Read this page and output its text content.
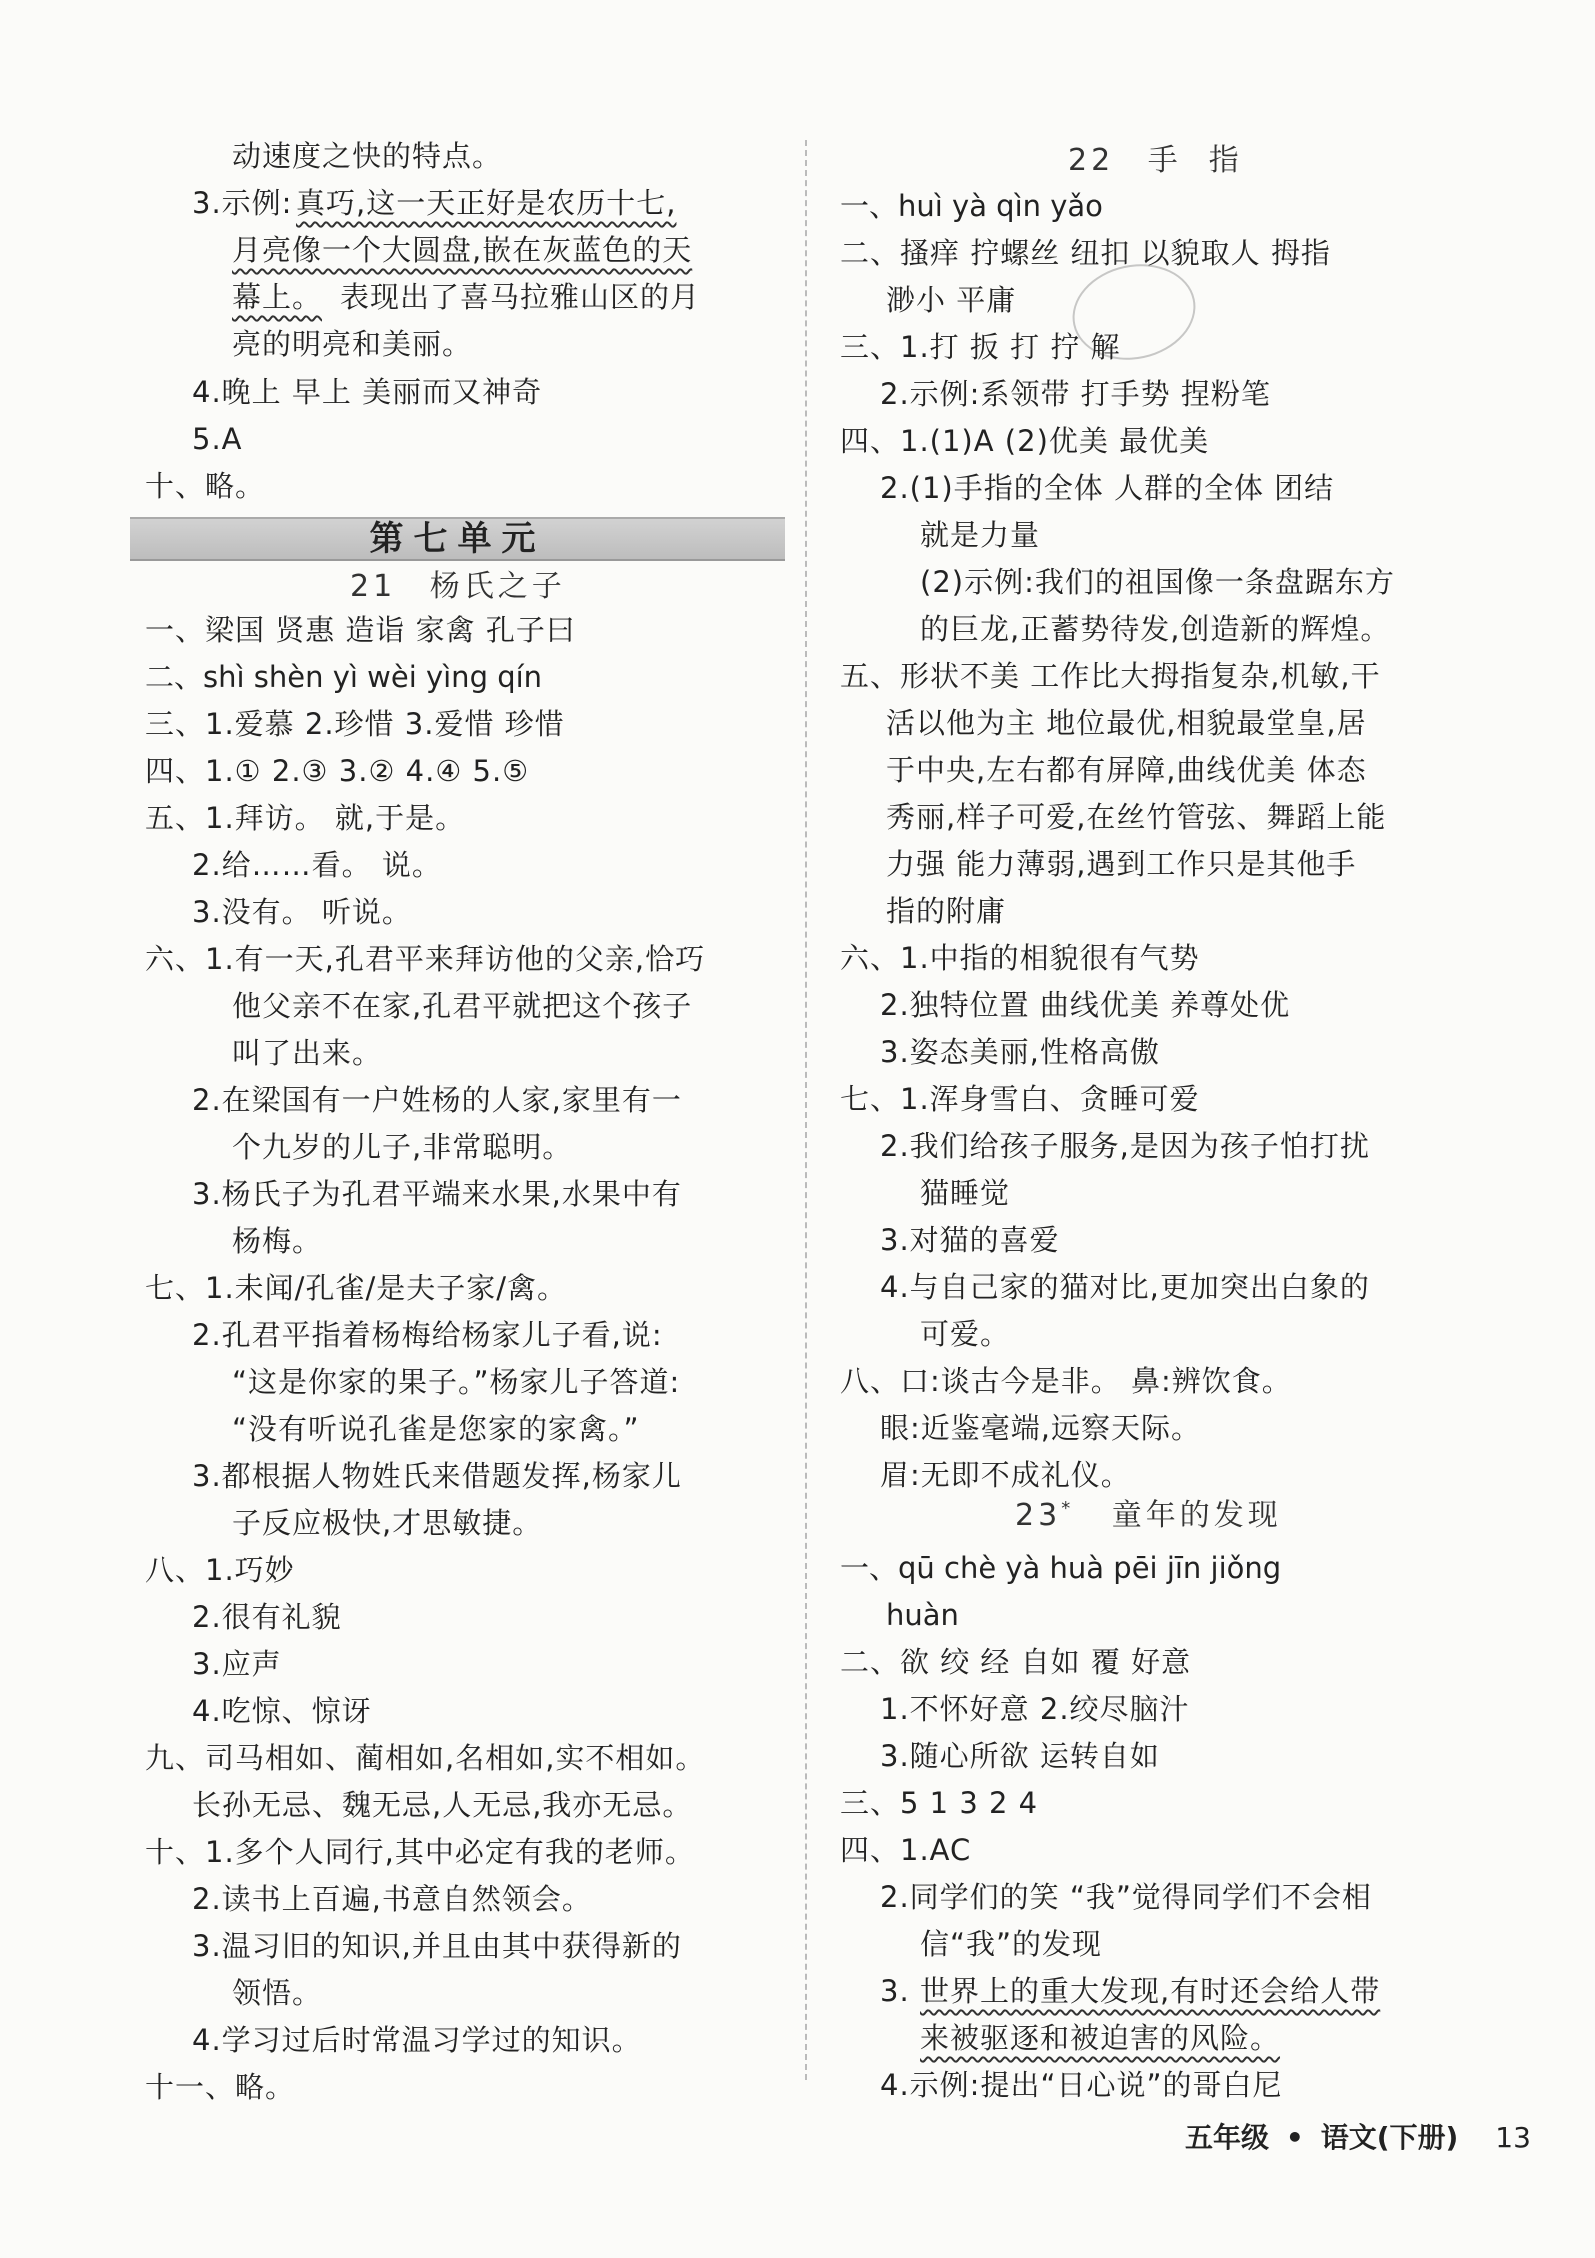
第七单元
21 杨氏之子
22 手  指
23* 童年的发现
动速度之快的特点。
3.示例: 真巧,这一天正好是农历十七,
月亮像一个大圆盘,嵌在灰蓝色的天
幕上。 表现出了喜马拉雅山区的月
亮的明亮和美丽。
4.晚上 早上 美丽而又神奇
5.A
十、略。
一、梁国 贤惠 造诣 家禽 孔子曰
二、shì shèn yì wèi yìng qín
三、1.爱慕 2.珍惜 3.爱惜 珍惜
四、1.① 2.③ 3.② 4.④ 5.⑤
五、1.拜访。 就,于是。
2.给……看。 说。
3.没有。 听说。
六、1.有一天,孔君平来拜访他的父亲,恰巧
他父亲不在家,孔君平就把这个孩子
叫了出来。
2.在梁国有一户姓杨的人家,家里有一
个九岁的儿子,非常聪明。
3.杨氏子为孔君平端来水果,水果中有
杨梅。
七、1.未闻/孔雀/是夫子家/禽。
2.孔君平指着杨梅给杨家儿子看,说:
“这是你家的果子。”杨家儿子答道:
“没有听说孔雀是您家的家禽。”
3.都根据人物姓氏来借题发挥,杨家儿
子反应极快,才思敏捷。
八、1.巧妙
2.很有礼貌
3.应声
4.吃惊、惊讶
九、司马相如、蔺相如,名相如,实不相如。
长孙无忌、魏无忌,人无忌,我亦无忌。
十、1.多个人同行,其中必定有我的老师。
2.读书上百遍,书意自然领会。
3.温习旧的知识,并且由其中获得新的
领悟。
4.学习过后时常温习学过的知识。
十一、略。
一、huì yà qìn yǎo
二、搔痒 拧螺丝 纽扣 以貌取人 拇指
渺小 平庸
三、1.打 扳 打 拧 解
2.示例:系领带 打手势 捏粉笔
四、1.(1)A (2)优美 最优美
2.(1)手指的全体 人群的全体 团结
就是力量
(2)示例:我们的祖国像一条盘踞东方
的巨龙,正蓄势待发,创造新的辉煌。
五、形状不美 工作比大拇指复杂,机敏,干
活以他为主 地位最优,相貌最堂皇,居
于中央,左右都有屏障,曲线优美 体态
秀丽,样子可爱,在丝竹管弦、舞蹈上能
力强 能力薄弱,遇到工作只是其他手
指的附庸
六、1.中指的相貌很有气势
2.独特位置 曲线优美 养尊处优
3.姿态美丽,性格高傲
七、1.浑身雪白、贪睡可爱
2.我们给孩子服务,是因为孩子怕打扰
猫睡觉
3.对猫的喜爱
4.与自己家的猫对比,更加突出白象的
可爱。
八、口:谈古今是非。 鼻:辨饮食。
眼:近鉴毫端,远察天际。
眉:无即不成礼仪。
一、qū chè yà huà pēi jīn jiǒng
huàn
二、欲 绞 经 自如 覆 好意
1.不怀好意 2.绞尽脑汁
3.随心所欲 运转自如
三、5 1 3 2 4
四、1.AC
2.同学们的笑 “我”觉得同学们不会相
信“我”的发现
3. 世界上的重大发现,有时还会给人带
来被驱逐和被迫害的风险。
4.示例:提出“日心说”的哥白尼
五年级 • 语文(下册) 13
